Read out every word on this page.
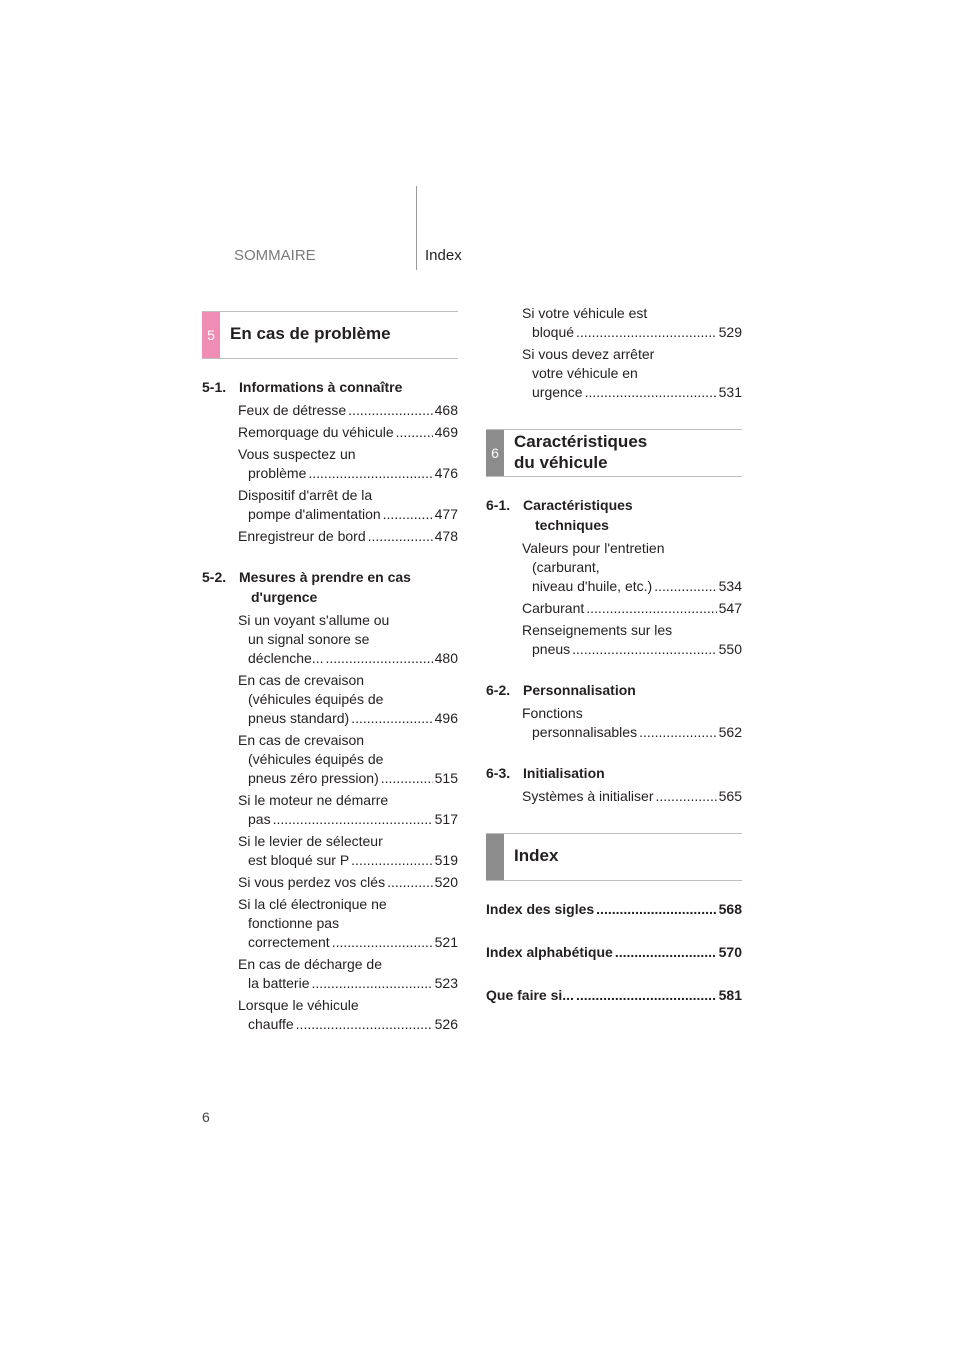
SOMMAIRE	Index
5 En cas de problème
5-1. Informations à connaître
Feux de détresse .....	468
Remorquage du véhicule .....	469
Vous suspectez un
problème .....	476
Dispositif d'arrêt de la
pompe d'alimentation .....	477
Enregistreur de bord .....	478
5-2. Mesures à prendre en cas
d'urgence
Si un voyant s'allume ou
un signal sonore se
déclenche... .....	480
En cas de crevaison
(véhicules équipés de
pneus standard) .....	496
En cas de crevaison
(véhicules équipés de
pneus zéro pression) .....	515
Si le moteur ne démarre
pas .....	517
Si le levier de sélecteur
est bloqué sur P .....	519
Si vous perdez vos clés .....	520
Si la clé électronique ne
fonctionne pas
correctement .....	521
En cas de décharge de
la batterie .....	523
Lorsque le véhicule
chauffe .....	526
Si votre véhicule est
bloqué .....	529
Si vous devez arrêter
votre véhicule en
urgence .....	531
6
Caractéristiques
du véhicule
6-1. Caractéristiques
techniques
Valeurs pour l'entretien
(carburant,
niveau d'huile, etc.) .....	534
Carburant .....	547
Renseignements sur les
pneus .....	550
6-2. Personnalisation
Fonctions
personnalisables .....	562
6-3. Initialisation
Systèmes à initialiser .....	565
Index
Index des sigles .....	568
Index alphabétique .....	570
Que faire si... .....	581
6
